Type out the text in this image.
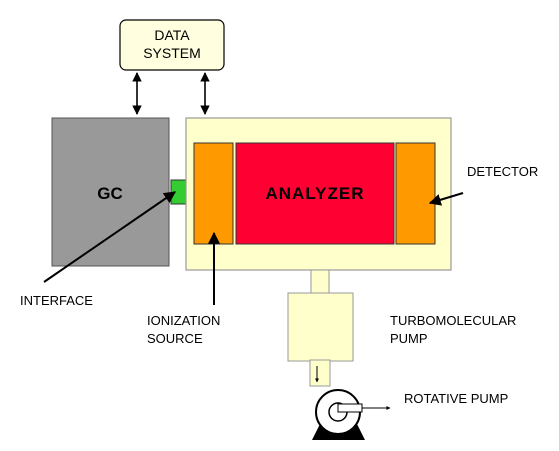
DATA
SYSTEM
GC	ANALYZER
DETECTOR
INTERFACE
IONIZATION
SOURCE
TURBOMOLECULAR
PUMP
ROTATIVE PUMP
